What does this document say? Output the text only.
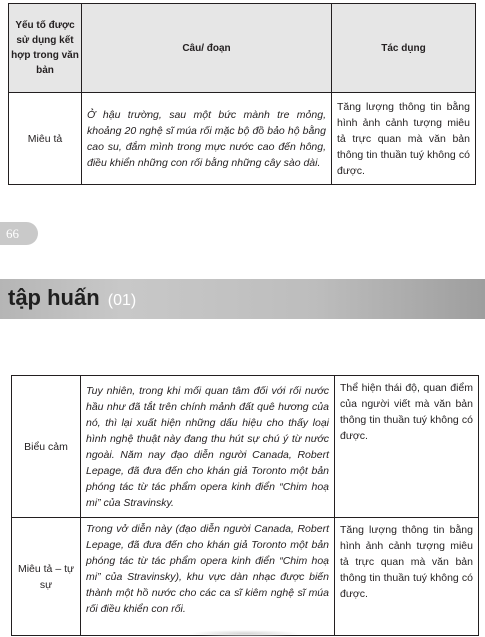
Yếu tố được sử dụng kết hợp trong văn bản	Câu/ đoạn	Tác dụng
Miêu tả	Ở hậu trường, sau một bức mành tre mỏng, khoảng 20 nghệ sĩ múa rối mặc bộ đồ bảo hộ bằng cao su, đắm mình trong mực nước cao đến hông, điều khiển những con rối bằng những cây sào dài.	Tăng lượng thông tin bằng hình ảnh cảnh tượng miêu tả trực quan mà văn bản thông tin thuần tuý không có được.
66
tập huấn (01)
Biểu cảm	Tuy nhiên, trong khi mối quan tâm đối với rối nước hầu như đã tắt trên chính mảnh đất quê hương của nó, thì lại xuất hiện những dấu hiệu cho thấy loại hình nghệ thuật này đang thu hút sự chú ý từ nước ngoài. Năm nay đạo diễn người Canada, Robert Lepage, đã đưa đến cho khán giả Toronto một bản phóng tác từ tác phẩm opera kinh điển “Chim hoạ mi” của Stravinsky.	Thể hiện thái độ, quan điểm của người viết mà văn bản thông tin thuần tuý không có được.
Miêu tả – tự sự	Trong vở diễn này (đạo diễn người Canada, Robert Lepage, đã đưa đến cho khán giả Toronto một bản phóng tác từ tác phẩm opera kinh điển “Chim hoạ mi” của Stravinsky), khu vực dàn nhạc được biến thành một hồ nước cho các ca sĩ kiêm nghệ sĩ múa rối điều khiển con rối.	Tăng lượng thông tin bằng hình ảnh cảnh tượng miêu tả trực quan mà văn bản thông tin thuần tuý không có được.
